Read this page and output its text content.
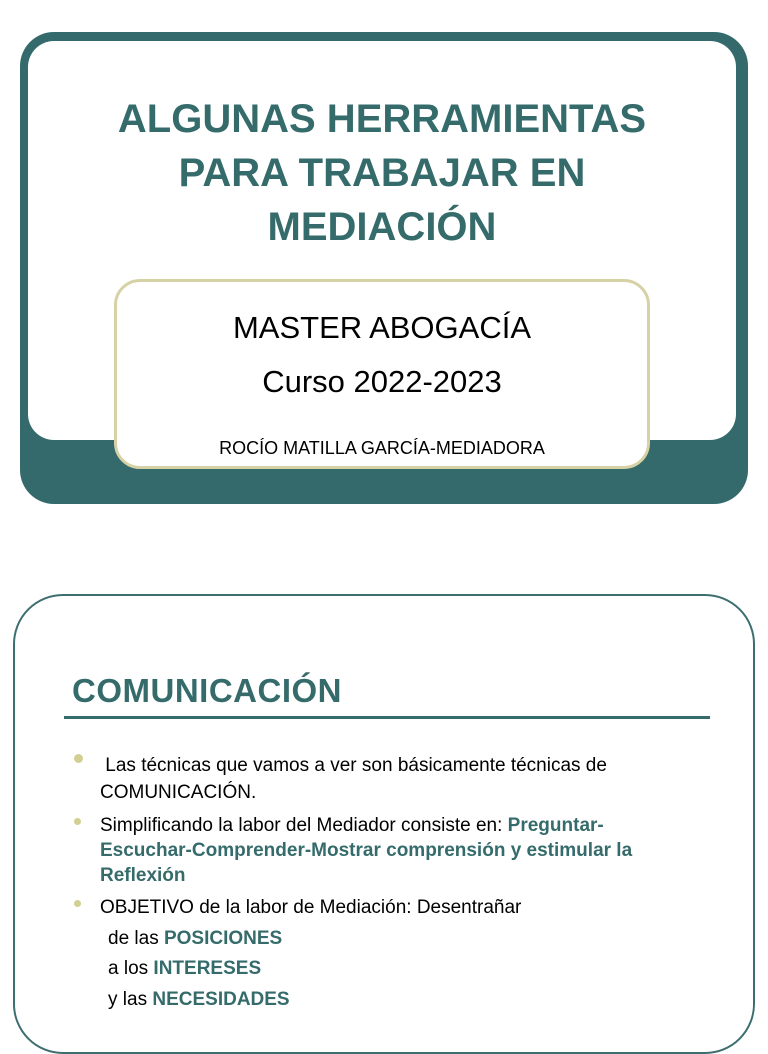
ALGUNAS HERRAMIENTAS
PARA TRABAJAR EN
MEDIACIÓN
MASTER ABOGACÍA
Curso 2022-2023
ROCÍO MATILLA GARCÍA-MEDIADORA
COMUNICACIÓN
Las técnicas que vamos a ver son básicamente técnicas de
COMUNICACIÓN.
Simplificando la labor del Mediador consiste en: Preguntar-
Escuchar-Comprender-Mostrar comprensión y estimular la
Reflexión
OBJETIVO de la labor de Mediación: Desentrañar
de las POSICIONES
a los INTERESES
y las NECESIDADES
